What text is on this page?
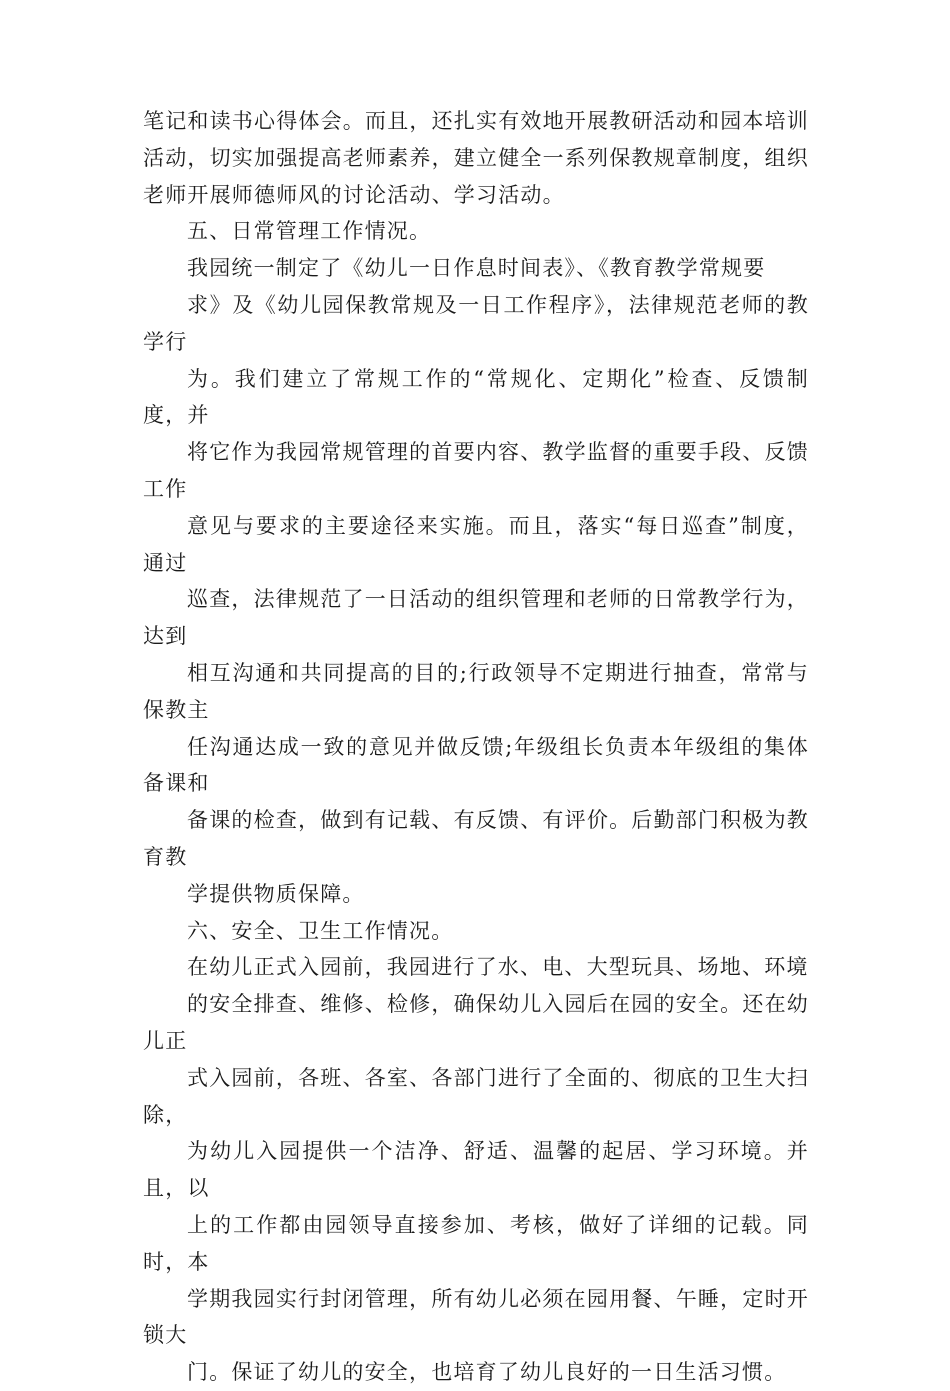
笔记和读书心得体会。而且，还扎实有效地开展教研活动和园本培训
活动，切实加强提高老师素养，建立健全一系列保教规章制度，组织
老师开展师德师风的讨论活动、学习活动。
五、日常管理工作情况。
我园统一制定了《幼儿一日作息时间表》、《教育教学常规要
求》及《幼儿园保教常规及一日工作程序》，法律规范老师的教学行
为。我们建立了常规工作的“常规化、定期化”检查、反馈制度，并
将它作为我园常规管理的首要内容、教学监督的重要手段、反馈工作
意见与要求的主要途径来实施。而且，落实“每日巡查”制度，通过
巡查，法律规范了一日活动的组织管理和老师的日常教学行为，达到
相互沟通和共同提高的目的;行政领导不定期进行抽查，常常与保教主
任沟通达成一致的意见并做反馈;年级组长负责本年级组的集体备课和
备课的检查，做到有记载、有反馈、有评价。后勤部门积极为教育教
学提供物质保障。
六、安全、卫生工作情况。
在幼儿正式入园前，我园进行了水、电、大型玩具、场地、环境
的安全排查、维修、检修，确保幼儿入园后在园的安全。还在幼儿正
式入园前，各班、各室、各部门进行了全面的、彻底的卫生大扫除，
为幼儿入园提供一个洁净、舒适、温馨的起居、学习环境。并且，以
上的工作都由园领导直接参加、考核，做好了详细的记载。同时，本
学期我园实行封闭管理，所有幼儿必须在园用餐、午睡，定时开锁大
门。保证了幼儿的安全，也培育了幼儿良好的一日生活习惯。
